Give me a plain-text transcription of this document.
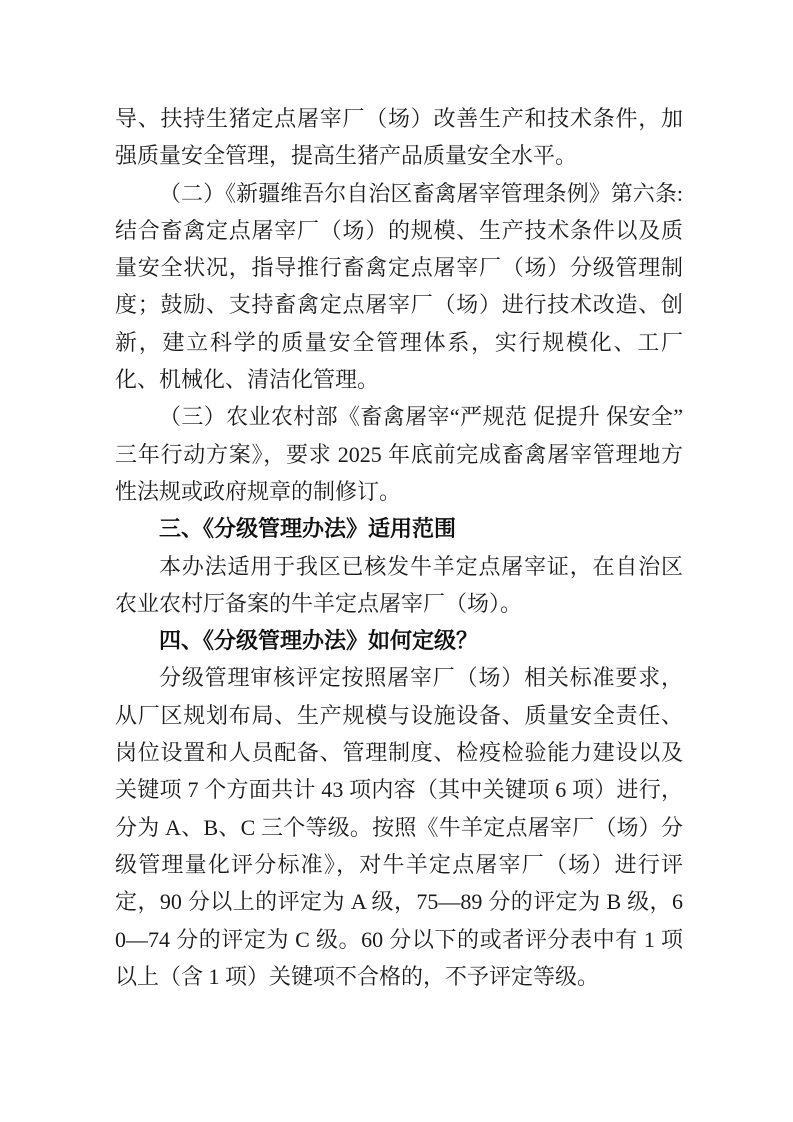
导、扶持生猪定点屠宰厂（场）改善生产和技术条件，加强质量安全管理，提高生猪产品质量安全水平。

（二）《新疆维吾尔自治区畜禽屠宰管理条例》第六条:结合畜禽定点屠宰厂（场）的规模、生产技术条件以及质量安全状况，指导推行畜禽定点屠宰厂（场）分级管理制度；鼓励、支持畜禽定点屠宰厂（场）进行技术改造、创新，建立科学的质量安全管理体系，实行规模化、工厂化、机械化、清洁化管理。

（三）农业农村部《畜禽屠宰“严规范 促提升 保安全”三年行动方案》，要求 2025 年底前完成畜禽屠宰管理地方性法规或政府规章的制修订。

三、《分级管理办法》适用范围

本办法适用于我区已核发牛羊定点屠宰证，在自治区农业农村厅备案的牛羊定点屠宰厂（场）。

四、《分级管理办法》如何定级？

分级管理审核评定按照屠宰厂（场）相关标准要求，从厂区规划布局、生产规模与设施设备、质量安全责任、岗位设置和人员配备、管理制度、检疫检验能力建设以及关键项 7 个方面共计 43 项内容（其中关键项 6 项）进行，分为 A、B、C 三个等级。按照《牛羊定点屠宰厂（场）分级管理量化评分标准》，对牛羊定点屠宰厂（场）进行评定，90 分以上的评定为 A 级，75—89 分的评定为 B 级，60—74 分的评定为 C 级。60 分以下的或者评分表中有 1 项以上（含 1 项）关键项不合格的，不予评定等级。
